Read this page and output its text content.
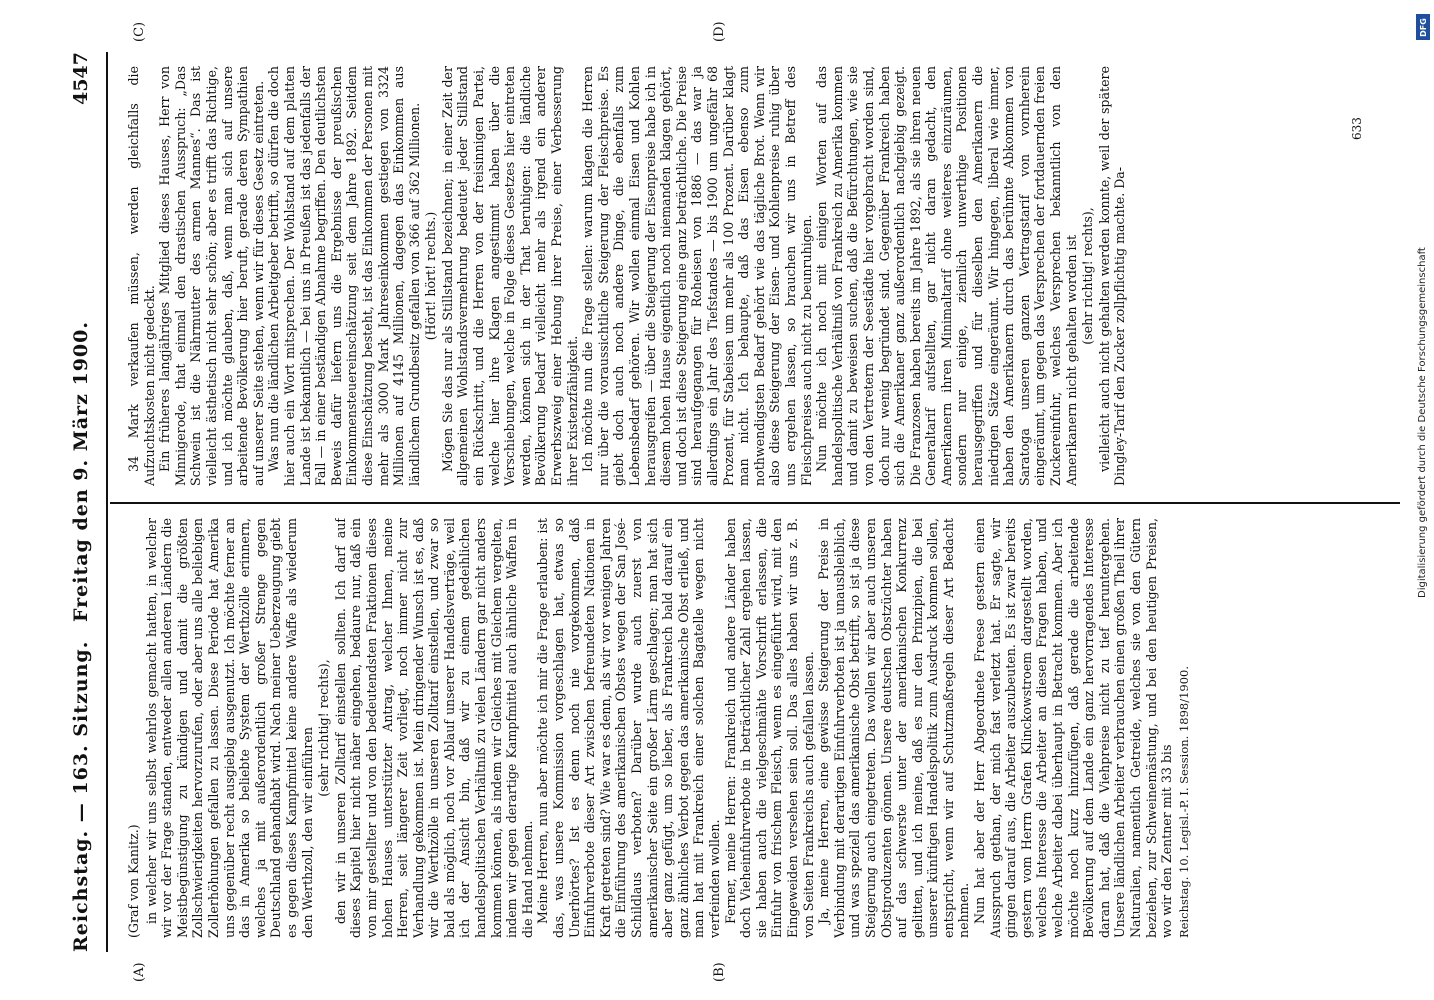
Reichstag. — 163. Sitzung.
Freitag den 9. März 1900.
4547
(A)	(B)
(C)	(D)

(Graf von Kanitz.) in welcher wir uns selbst wehrlos gemacht hatten, in welcher wir vor der Frage standen, entweder allen anderen Ländern die Meistbegünstigung zu kündigen und damit die größten Zollschwierigkeiten hervorzurufen, oder aber uns alle beliebigen Zollerhöhungen gefallen zu lassen. Diese Periode hat Amerika uns gegenüber recht ausgiebig ausgenutzt. Ich möchte ferner an das in Amerika so beliebte System der Werthzölle erinnern, welches ja mit außerordentlich großer Strenge gegen Deutschland gehandhabt wird. Nach meiner Ueberzeugung giebt es gegen dieses Kampfmittel keine andere Waffe als wiederum den Werthzoll, den wir einführen (sehr richtig! rechts), den wir in unseren Zolltarif einstellen sollten. Ich darf auf dieses Kapitel hier nicht näher eingehen, bedaure nur, daß ein von mir gestellter und von den bedeutendsten Fraktionen dieses hohen Hauses unterstützter Antrag, welcher Ihnen, meine Herren, seit längerer Zeit vorliegt, noch immer nicht zur Verhandlung gekommen ist. Mein dringender Wunsch ist es, daß wir die Werthzölle in unseren Zolltarif einstellen, und zwar so bald als möglich, noch vor Ablauf unserer Handelsverträge, weil ich der Ansicht bin, daß wir zu einem gedeihlichen handelspolitischen Verhältniß zu vielen Ländern gar nicht anders kommen können, als indem wir Gleiches mit Gleichem vergelten, indem wir gegen derartige Kampfmittel auch ähnliche Waffen in die Hand nehmen. Meine Herren, nun aber möchte ich mir die Frage erlauben: ist das, was unsere Kommission vorgeschlagen hat, etwas so Unerhörtes? Ist es denn noch nie vorgekommen, daß Einfuhrverbote dieser Art zwischen befreundeten Nationen in Kraft getreten sind? Wie war es denn, als wir vor wenigen Jahren die Einführung des amerikanischen Obstes wegen der San José-Schildlaus verboten? Darüber wurde auch zuerst von amerikanischer Seite ein großer Lärm geschlagen; man hat sich aber ganz gefügt, um so lieber, als Frankreich bald darauf ein ganz ähnliches Verbot gegen das amerikanische Obst erließ, und man hat mit Frankreich einer solchen Bagatelle wegen nicht verfeinden wollen. Ferner, meine Herren: Frankreich und andere Länder haben doch Vieheinfuhrverbote in beträchtlicher Zahl ergehen lassen, sie haben auch die vielgeschmähte Vorschrift erlassen, die Einfuhr von frischem Fleisch, wenn es eingeführt wird, mit den Eingeweiden versehen sein soll. Das alles haben wir uns z. B. von Seiten Frankreichs auch gefallen lassen. Ja, meine Herren, eine gewisse Steigerung der Preise in Verbindung mit derartigen Einfuhrverboten ist ja unausbleiblich, und was speziell das amerikanische Obst betrifft, so ist ja diese Steigerung auch eingetreten. Das wollen wir aber auch unseren Obstproduzenten gönnen. Unsere deutschen Obstzüchter haben auf das schwerste unter der amerikanischen Konkurrenz gelitten, und ich meine, daß es nur den Prinzipien, die bei unserer künftigen Handelspolitik zum Ausdruck kommen sollen, entspricht, wenn wir auf Schutzmaßregeln dieser Art Bedacht nehmen. Nun hat aber der Herr Abgeordnete Freese gestern einen Ausspruch gethan, der mich fast verletzt hat. Er sagte, wir gingen darauf aus, die Arbeiter auszubeuten. Es ist zwar bereits gestern vom Herrn Grafen Klinckowstroem dargestellt worden, welches Interesse die Arbeiter an diesen Fragen haben, und welche Arbeiter dabei überhaupt in Betracht kommen. Aber ich möchte noch kurz hinzufügen, daß gerade die arbeitende Bevölkerung auf dem Lande ein ganz hervorragendes Interesse daran hat, daß die Viehpreise nicht zu tief heruntergehen. Unsere ländlichen Arbeiter verbrauchen einen großen Theil ihrer Naturalien, namentlich Getreide, welches sie von den Gütern beziehen, zur Schweinemästung, und bei den heutigen Preisen, wo wir den Zentner mit 33 bis Reichstag. 10. Legisl.-P. I. Session. 1898/1900.

34 Mark verkaufen müssen, werden gleichfalls die Aufzuchtskosten nicht gedeckt. Ein früheres langjähriges Mitglied dieses Hauses, Herr von Minnigerode, that einmal den drastischen Ausspruch: „Das Schwein ist die Nährmutter des armen Mannes“. Das ist vielleicht ästhetisch nicht sehr schön; aber es trifft das Richtige, und ich möchte glauben, daß, wenn man sich auf unsere arbeitende Bevölkerung hier beruft, gerade deren Sympathien auf unserer Seite stehen, wenn wir für dieses Gesetz eintreten. Was nun die ländlichen Arbeitgeber betrifft, so dürfen die doch hier auch ein Wort mitsprechen. Der Wohlstand auf dem platten Lande ist bekanntlich — bei uns in Preußen ist das jedenfalls der Fall — in einer beständigen Abnahme begriffen. Den deutlichsten Beweis dafür liefern uns die Ergebnisse der preußischen Einkommensteuereinschätzung seit dem Jahre 1892. Seitdem diese Einschätzung besteht, ist das Einkommen der Personen mit mehr als 3000 Mark Jahreseinkommen gestiegen von 3324 Millionen auf 4145 Millionen, dagegen das Einkommen aus ländlichem Grundbesitz gefallen von 366 auf 362 Millionen. (Hört! hört! rechts.) Mögen Sie das nur als Stillstand bezeichnen; in einer Zeit der allgemeinen Wohlstandsvermehrung bedeutet jeder Stillstand ein Rückschritt, und die Herren von der freisinnigen Partei, welche hier ihre Klagen angestimmt haben über die Verschiebungen, welche in Folge dieses Gesetzes hier eintreten werden, können sich in der That beruhigen: die ländliche Bevölkerung bedarf vielleicht mehr als irgend ein anderer Erwerbszweig einer Hebung ihrer Preise, einer Verbesserung ihrer Existenzfähigkeit. Ich möchte nun die Frage stellen: warum klagen die Herren nur über die voraussichtliche Steigerung der Fleischpreise. Es giebt doch auch noch andere Dinge, die ebenfalls zum Lebensbedarf gehören. Wir wollen einmal Eisen und Kohlen herausgreifen — über die Steigerung der Eisenpreise habe ich in diesem hohen Hause eigentlich noch niemanden klagen gehört, und doch ist diese Steigerung eine ganz beträchtliche. Die Preise sind heraufgegangen für Roheisen von 1886 — das war ja allerdings ein Jahr des Tiefstandes — bis 1900 um ungefähr 68 Prozent, für Stabeisen um mehr als 100 Prozent. Darüber klagt man nicht. Ich behaupte, daß das Eisen ebenso zum nothwendigsten Bedarf gehört wie das tägliche Brot. Wenn wir also diese Steigerung der Eisen- und Kohlenpreise ruhig über uns ergehen lassen, so brauchen wir uns in Betreff des Fleischpreises auch nicht zu beunruhigen. Nun möchte ich noch mit einigen Worten auf das handelspolitische Verhältniß von Frankreich zu Amerika kommen und damit zu beweisen suchen, daß die Befürchtungen, wie sie von den Vertretern der Seestädte hier vorgebracht worden sind, doch nur wenig begründet sind. Gegenüber Frankreich haben sich die Amerikaner ganz außerordentlich nachgiebig gezeigt. Die Franzosen haben bereits im Jahre 1892, als sie ihren neuen Generaltarif aufstellten, gar nicht daran gedacht, den Amerikanern ihren Minimaltarif ohne weiteres einzuräumen, sondern nur einige, ziemlich unwerthige Positionen herausgegriffen und für dieselben den Amerikanern die niedrigen Sätze eingeräumt. Wir hingegen, liberal wie immer, haben den Amerikanern durch das berühmte Abkommen von Saratoga unseren ganzen Vertragstarif von vornherein eingeräumt, um gegen das Versprechen der fortdauernden freien Zuckereinfuhr, welches Versprechen bekanntlich von den Amerikanern nicht gehalten worden ist (sehr richtig! rechts), vielleicht auch nicht gehalten werden konnte, weil der spätere Dingley-Tarif den Zucker zollpflichtig machte. Da-

633
DFG
Digitalisierung gefördert durch die Deutsche Forschungsgemeinschaft
